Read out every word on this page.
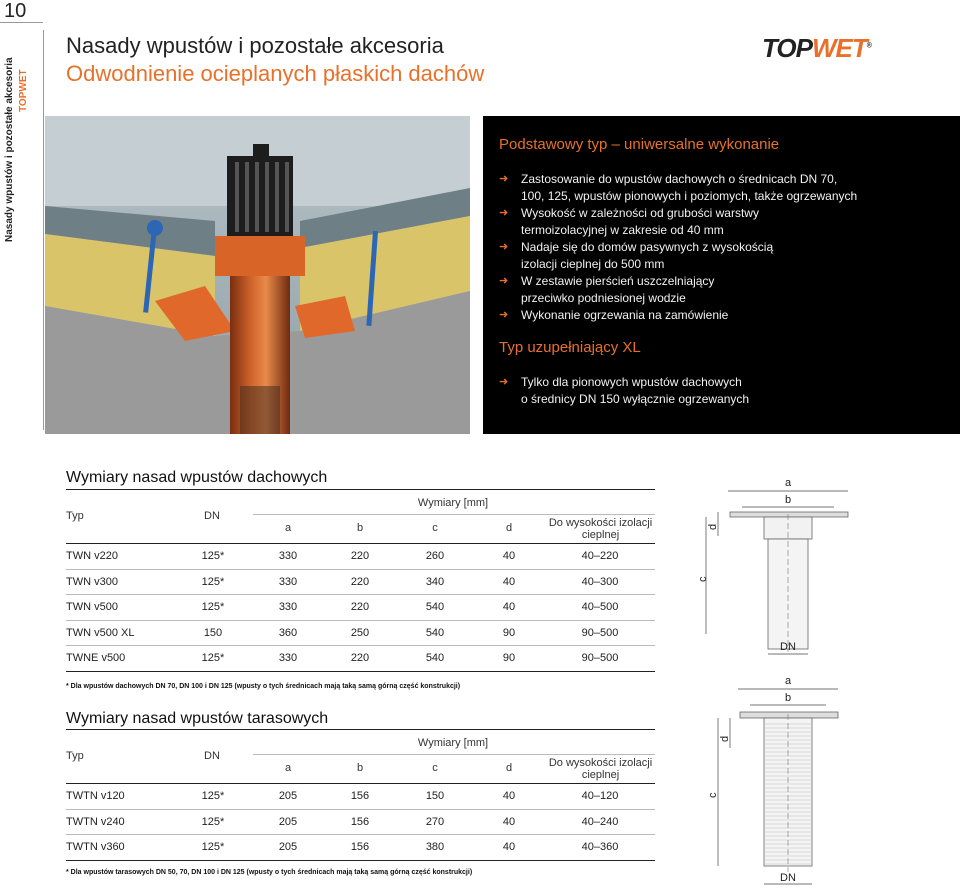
10
Nasady wpustów i pozostałe akcesoria TOPWET
Nasady wpustów i pozostałe akcesoria
Odwodnienie ocieplanych płaskich dachów
TOPWET®
Podstawowy typ – uniwersalne wykonanie
➜	Zastosowanie do wpustów dachowych o średnicach DN 70,
100, 125, wpustów pionowych i poziomych, także ogrzewanych
➜	Wysokość w zależności od grubości warstwy
termoizolacyjnej w zakresie od 40 mm
➜	Nadaje się do domów pasywnych z wysokością
izolacji cieplnej do 500 mm
➜	W zestawie pierścień uszczelniający
przeciwko podniesionej wodzie
➜	Wykonanie ogrzewania na zamówienie
Typ uzupełniający XL
➜	Tylko dla pionowych wpustów dachowych
o średnicy DN 150 wyłącznie ogrzewanych
Wymiary nasad wpustów dachowych
Typ	DN
Wymiary [mm]
a	b	c	d	Do wysokości izolacji
cieplnej
TWN v220	125*	330	220	260	40	40–220
TWN v300	125*	330	220	340	40	40–300
TWN v500	125*	330	220	540	40	40–500
TWN v500 XL	150	360	250	540	90	90–500
TWNE v500	125*	330	220	540	90	90–500
* Dla wpustów dachowych DN 70, DN 100 i DN 125 (wpusty o tych średnicach mają taką samą górną część konstrukcji)
Wymiary nasad wpustów tarasowych
Typ	DN
Wymiary [mm]
a	b	c	d	Do wysokości izolacji
cieplnej
TWTN v120	125*	205	156	150	40	40–120
TWTN v240	125*	205	156	270	40	40–240
TWTN v360	125*	205	156	380	40	40–360
* Dla wpustów tarasowych DN 50, 70, DN 100 i DN 125 (wpusty o tych średnicach mają taką samą górną część konstrukcji)
a
b
d
c
DN
a
b
d
c
DN
